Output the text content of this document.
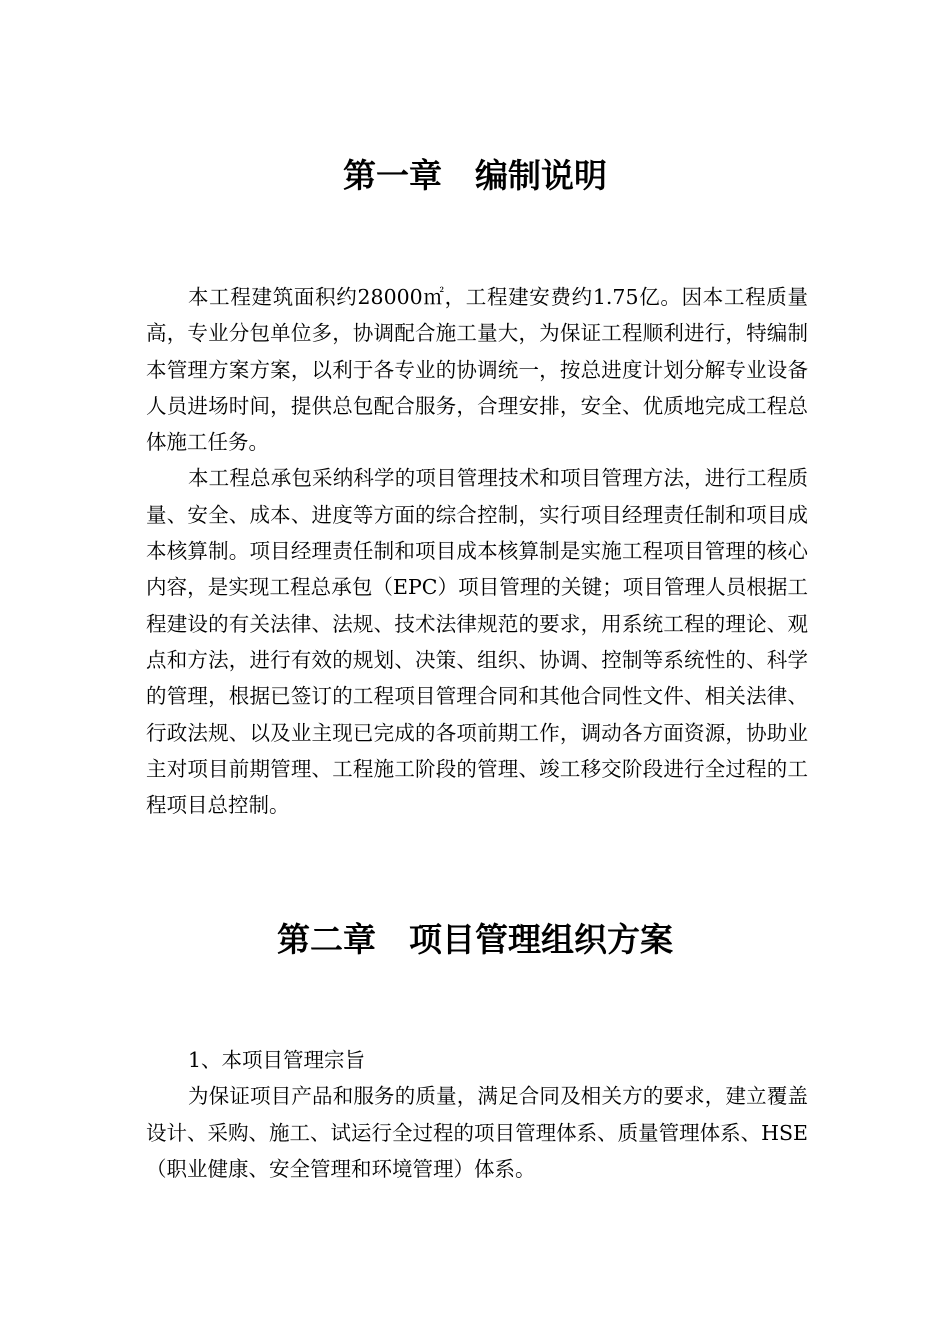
第一章　编制说明

本工程建筑面积约28000㎡，工程建安费约1.75亿。因本工程质量高，专业分包单位多，协调配合施工量大，为保证工程顺利进行，特编制本管理方案方案，以利于各专业的协调统一，按总进度计划分解专业设备人员进场时间，提供总包配合服务，合理安排，安全、优质地完成工程总体施工任务。

本工程总承包采纳科学的项目管理技术和项目管理方法，进行工程质量、安全、成本、进度等方面的综合控制，实行项目经理责任制和项目成本核算制。项目经理责任制和项目成本核算制是实施工程项目管理的核心内容，是实现工程总承包（EPC）项目管理的关键；项目管理人员根据工程建设的有关法律、法规、技术法律规范的要求，用系统工程的理论、观点和方法，进行有效的规划、决策、组织、协调、控制等系统性的、科学的管理，根据已签订的工程项目管理合同和其他合同性文件、相关法律、行政法规、以及业主现已完成的各项前期工作，调动各方面资源，协助业主对项目前期管理、工程施工阶段的管理、竣工移交阶段进行全过程的工程项目总控制。

第二章　项目管理组织方案

1、本项目管理宗旨

为保证项目产品和服务的质量，满足合同及相关方的要求，建立覆盖设计、采购、施工、试运行全过程的项目管理体系、质量管理体系、HSE（职业健康、安全管理和环境管理）体系。
